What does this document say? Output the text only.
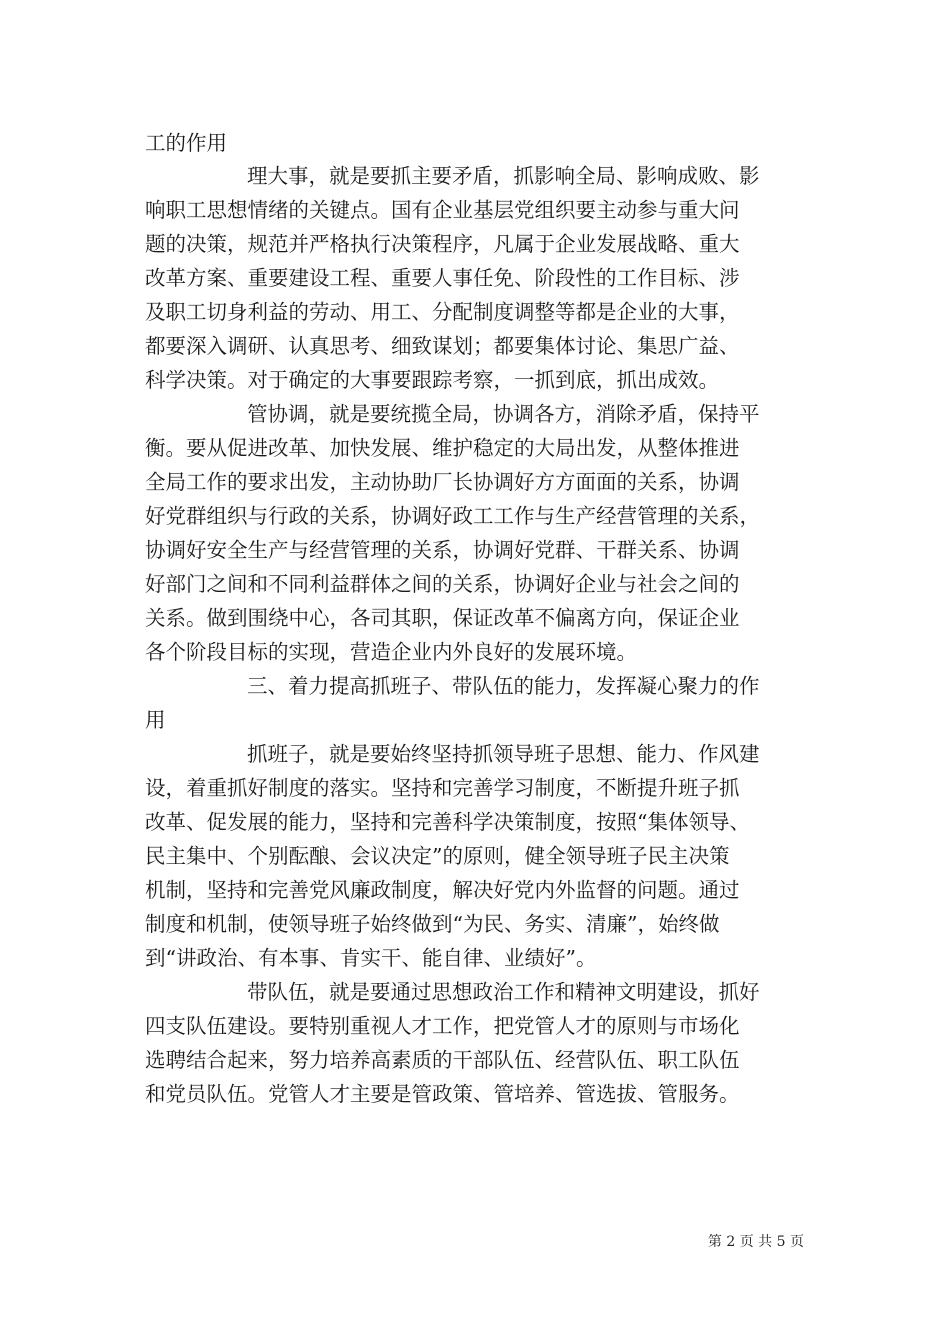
工的作用
理大事，就是要抓主要矛盾，抓影响全局、影响成败、影
响职工思想情绪的关键点。国有企业基层党组织要主动参与重大问
题的决策，规范并严格执行决策程序，凡属于企业发展战略、重大
改革方案、重要建设工程、重要人事任免、阶段性的工作目标、涉
及职工切身利益的劳动、用工、分配制度调整等都是企业的大事，
都要深入调研、认真思考、细致谋划；都要集体讨论、集思广益、
科学决策。对于确定的大事要跟踪考察，一抓到底，抓出成效。
管协调，就是要统揽全局，协调各方，消除矛盾，保持平
衡。要从促进改革、加快发展、维护稳定的大局出发，从整体推进
全局工作的要求出发，主动协助厂长协调好方方面面的关系，协调
好党群组织与行政的关系，协调好政工工作与生产经营管理的关系，
协调好安全生产与经营管理的关系，协调好党群、干群关系、协调
好部门之间和不同利益群体之间的关系，协调好企业与社会之间的
关系。做到围绕中心，各司其职，保证改革不偏离方向，保证企业
各个阶段目标的实现，营造企业内外良好的发展环境。
三、着力提高抓班子、带队伍的能力，发挥凝心聚力的作
用
抓班子，就是要始终坚持抓领导班子思想、能力、作风建
设，着重抓好制度的落实。坚持和完善学习制度，不断提升班子抓
改革、促发展的能力，坚持和完善科学决策制度，按照“集体领导、
民主集中、个别酝酿、会议决定”的原则，健全领导班子民主决策
机制，坚持和完善党风廉政制度，解决好党内外监督的问题。通过
制度和机制，使领导班子始终做到“为民、务实、清廉”，始终做
到“讲政治、有本事、肯实干、能自律、业绩好”。
带队伍，就是要通过思想政治工作和精神文明建设，抓好
四支队伍建设。要特别重视人才工作，把党管人才的原则与市场化
选聘结合起来，努力培养高素质的干部队伍、经营队伍、职工队伍
和党员队伍。党管人才主要是管政策、管培养、管选拔、管服务。
第 2 页 共 5 页
